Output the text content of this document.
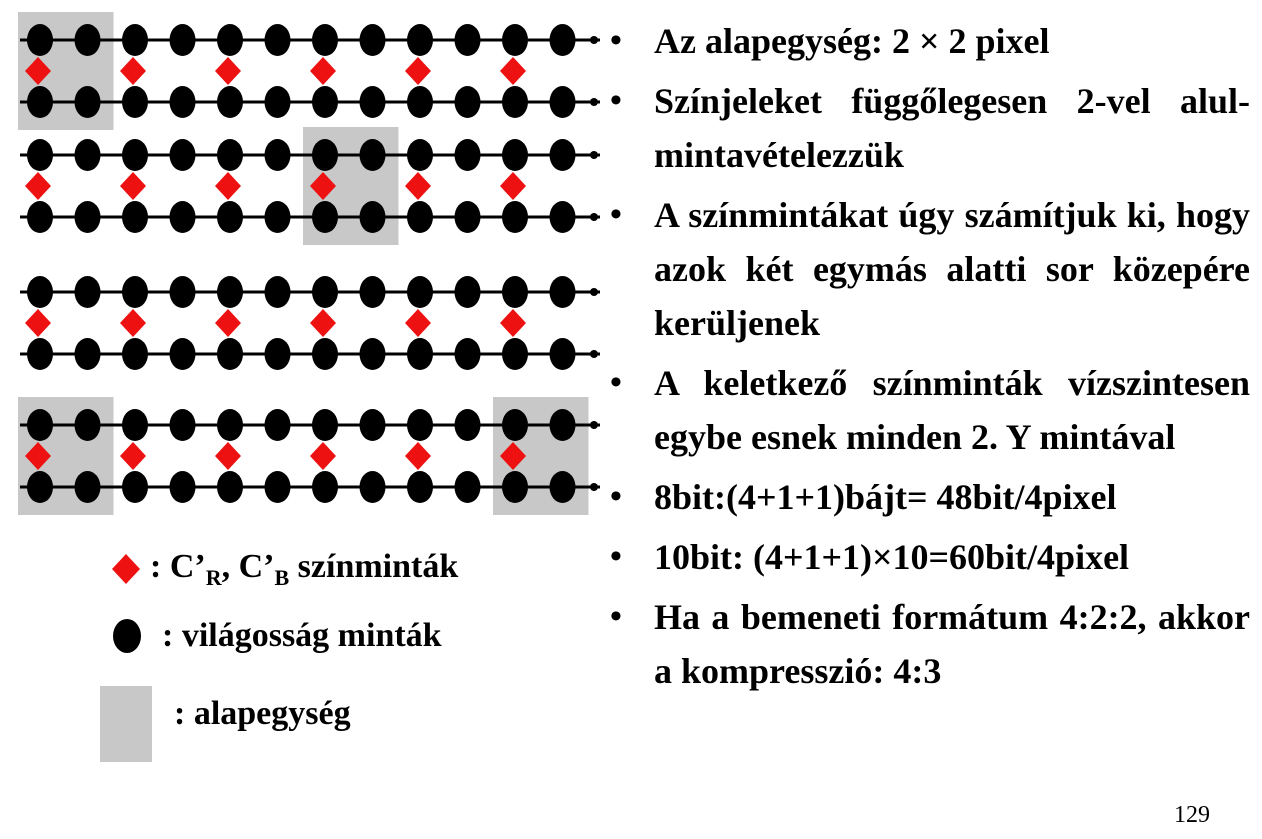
: $C’_R$, $C’_B$ színminták
: világosság minták
: alapegység
• Az alapegység: 2 × 2 pixel
• Színjeleket függőlegesen 2-vel alul-mintavételezzük
• A színmintákat úgy számítjuk ki, hogy azok két egymás alatti sor közepére kerüljenek
• A keletkező színminták vízszintesen egybe esnek minden 2. Y mintával
• 8bit:(4+1+1)bájt= 48bit/4pixel
• 10bit: (4+1+1)×10=60bit/4pixel
• Ha a bemeneti formátum 4:2:2, akkor a kompresszió: 4:3
129
